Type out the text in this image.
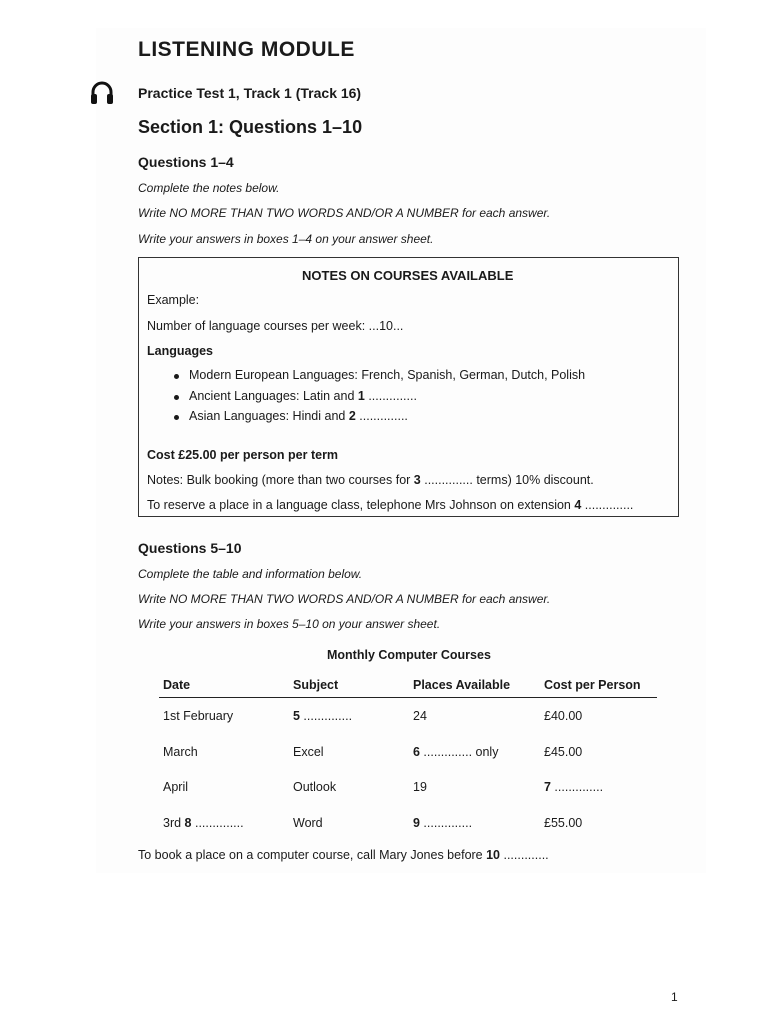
LISTENING MODULE
Practice Test 1, Track 1 (Track 16)
Section 1: Questions 1–10
Questions 1–4
Complete the notes below.
Write NO MORE THAN TWO WORDS AND/OR A NUMBER for each answer.
Write your answers in boxes 1–4 on your answer sheet.
NOTES ON COURSES AVAILABLE
Example:
Number of language courses per week: ...10...
Languages
Modern European Languages: French, Spanish, German, Dutch, Polish
Ancient Languages: Latin and 1 ..............
Asian Languages: Hindi and 2 ..............
Cost £25.00 per person per term
Notes: Bulk booking (more than two courses for 3 .............. terms) 10% discount.
To reserve a place in a language class, telephone Mrs Johnson on extension 4 ..............
Questions 5–10
Complete the table and information below.
Write NO MORE THAN TWO WORDS AND/OR A NUMBER for each answer.
Write your answers in boxes 5–10 on your answer sheet.
Monthly Computer Courses
Date	Subject	Places Available	Cost per Person
1st February	5 ..............	24	£40.00
March	Excel	6 .............. only	£45.00
April	Outlook	19	7 ..............
3rd 8 ..............	Word	9 ..............	£55.00
To book a place on a computer course, call Mary Jones before 10 .............
1
